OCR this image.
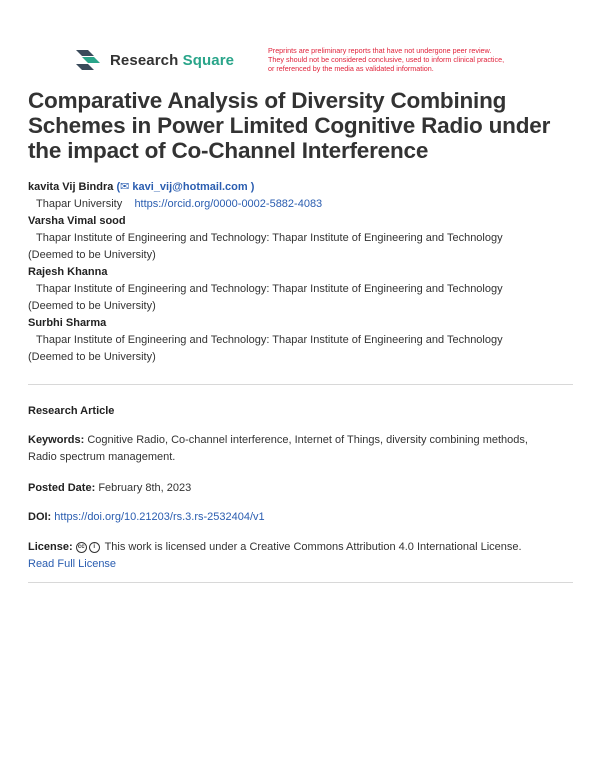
Research Square
Preprints are preliminary reports that have not undergone peer review.
They should not be considered conclusive, used to inform clinical practice,
or referenced by the media as validated information.
Comparative Analysis of Diversity Combining Schemes in Power Limited Cognitive Radio under the impact of Co-Channel Interference
kavita Vij Bindra (✉ kavi_vij@hotmail.com )
Thapar University https://orcid.org/0000-0002-5882-4083
Varsha Vimal sood
Thapar Institute of Engineering and Technology: Thapar Institute of Engineering and Technology
(Deemed to be University)
Rajesh Khanna
Thapar Institute of Engineering and Technology: Thapar Institute of Engineering and Technology
(Deemed to be University)
Surbhi Sharma
Thapar Institute of Engineering and Technology: Thapar Institute of Engineering and Technology
(Deemed to be University)
Research Article
Keywords: Cognitive Radio, Co-channel interference, Internet of Things, diversity combining methods,
Radio spectrum management.
Posted Date: February 8th, 2023
DOI: https://doi.org/10.21203/rs.3.rs-2532404/v1
License: cc i This work is licensed under a Creative Commons Attribution 4.0 International License.
Read Full License
